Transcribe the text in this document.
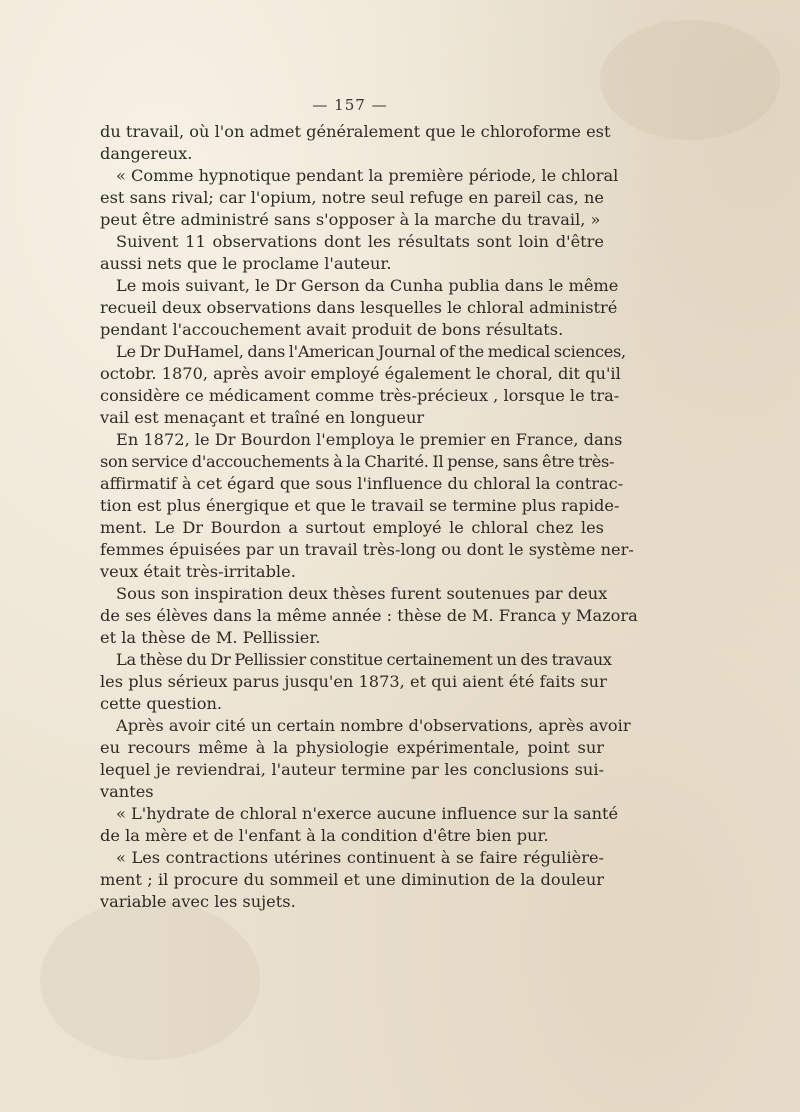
— 157 —
du travail, où l'on admet généralement que le chloroforme est
dangereux.
« Comme hypnotique pendant la première période, le chloral
est sans rival; car l'opium, notre seul refuge en pareil cas, ne
peut être administré sans s'opposer à la marche du travail, »
Suivent 11 observations dont les résultats sont loin d'être
aussi nets que le proclame l'auteur.
Le mois suivant, le Dr Gerson da Cunha publia dans le même
recueil deux observations dans lesquelles le chloral administré
pendant l'accouchement avait produit de bons résultats.
Le Dr DuHamel, dans l'American Journal of the medical sciences,
octobr. 1870, après avoir employé également le choral, dit qu'il
considère ce médicament comme très-précieux , lorsque le tra-
vail est menaçant et traîné en longueur
En 1872, le Dr Bourdon l'employa le premier en France, dans
son service d'accouchements à la Charité. Il pense, sans être très-
affirmatif à cet égard que sous l'influence du chloral la contrac-
tion est plus énergique et que le travail se termine plus rapide-
ment. Le Dr Bourdon a surtout employé le chloral chez les
femmes épuisées par un travail très-long ou dont le système ner-
veux était très-irritable.
Sous son inspiration deux thèses furent soutenues par deux
de ses élèves dans la même année : thèse de M. Franca y Mazora
et la thèse de M. Pellissier.
La thèse du Dr Pellissier constitue certainement un des travaux
les plus sérieux parus jusqu'en 1873, et qui aient été faits sur
cette question.
Après avoir cité un certain nombre d'observations, après avoir
eu recours même à la physiologie expérimentale, point sur
lequel je reviendrai, l'auteur termine par les conclusions sui-
vantes
« L'hydrate de chloral n'exerce aucune influence sur la santé
de la mère et de l'enfant à la condition d'être bien pur.
« Les contractions utérines continuent à se faire régulière-
ment ; il procure du sommeil et une diminution de la douleur
variable avec les sujets.
